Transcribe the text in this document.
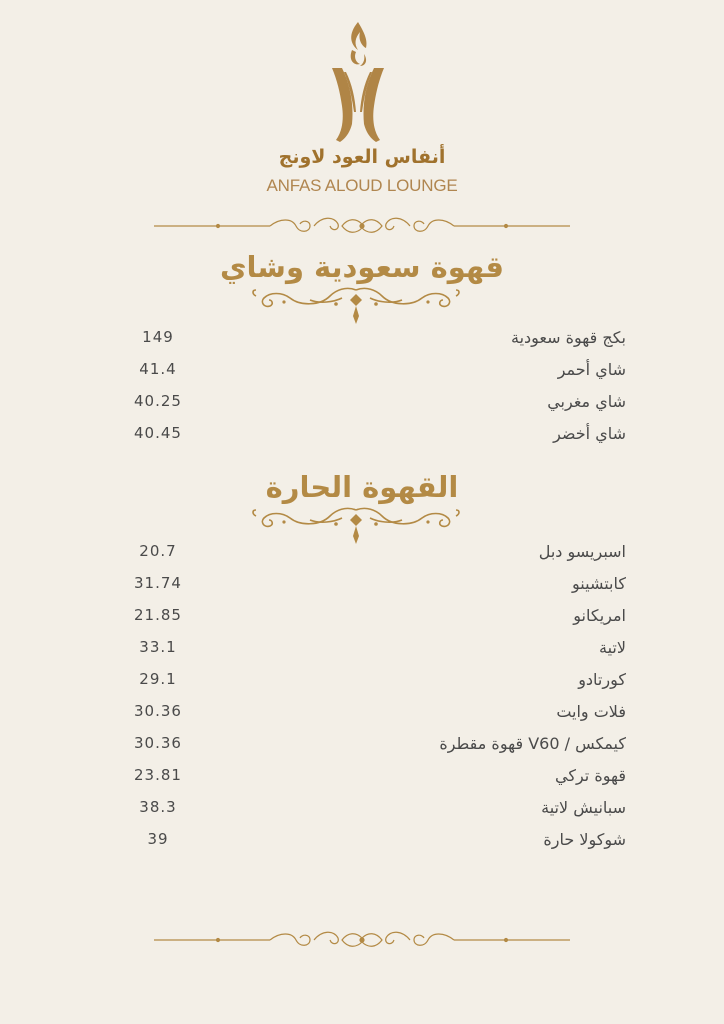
أنفاس العود لاونج
ANFAS ALOUD LOUNGE
قهوة سعودية وشاي
بكج قهوة سعودية
149
شاي أحمر
41.4
شاي مغربي
40.25
شاي أخضر
40.45
القهوة الحارة
اسبريسو دبل
20.7
كابتشينو
31.74
امريكانو
21.85
لاتية
33.1
كورتادو
29.1
فلات وايت
30.36
كيمكس / V60 قهوة مقطرة
30.36
قهوة تركي
23.81
سبانيش لاتية
38.3
شوكولا حارة
39
